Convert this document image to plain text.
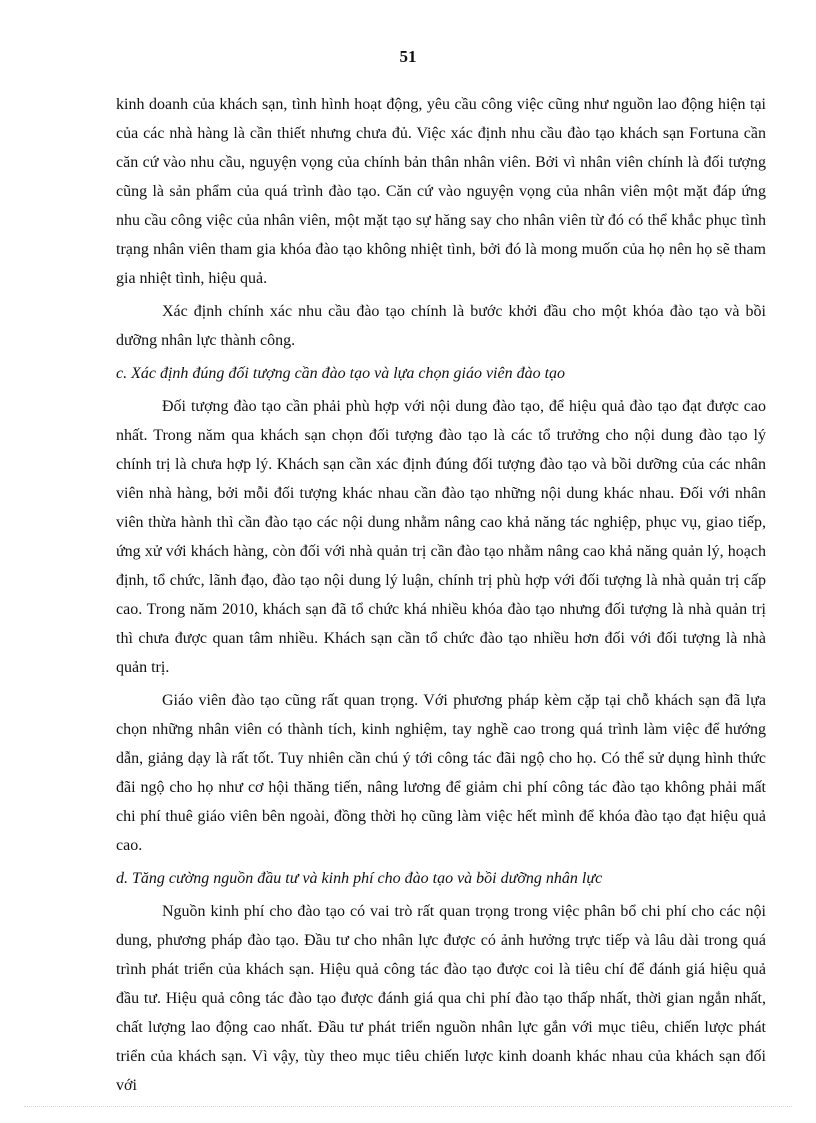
51

kinh doanh của khách sạn, tình hình hoạt động, yêu cầu công việc cũng như nguồn lao động hiện tại của các nhà hàng là cần thiết nhưng chưa đủ. Việc xác định nhu cầu đào tạo khách sạn Fortuna cần căn cứ vào nhu cầu, nguyện vọng của chính bản thân nhân viên. Bởi vì nhân viên chính là đối tượng cũng là sản phẩm của quá trình đào tạo. Căn cứ vào nguyện vọng của nhân viên một mặt đáp ứng nhu cầu công việc của nhân viên, một mặt tạo sự hăng say cho nhân viên từ đó có thể khắc phục tình trạng nhân viên tham gia khóa đào tạo không nhiệt tình, bởi đó là mong muốn của họ nên họ sẽ tham gia nhiệt tình, hiệu quả.

Xác định chính xác nhu cầu đào tạo chính là bước khởi đầu cho một khóa đào tạo và bồi dưỡng nhân lực thành công.

c. Xác định đúng đối tượng cần đào tạo và lựa chọn giáo viên đào tạo

Đối tượng đào tạo cần phải phù hợp với nội dung đào tạo, để hiệu quả đào tạo đạt được cao nhất. Trong năm qua khách sạn chọn đối tượng đào tạo là các tổ trưởng cho nội dung đào tạo lý chính trị là chưa hợp lý. Khách sạn cần xác định đúng đối tượng đào tạo và bồi dưỡng của các nhân viên nhà hàng, bởi mỗi đối tượng khác nhau cần đào tạo những nội dung khác nhau. Đối với nhân viên thừa hành thì cần đào tạo các nội dung nhằm nâng cao khả năng tác nghiệp, phục vụ, giao tiếp, ứng xử với khách hàng, còn đối với nhà quản trị cần đào tạo nhằm nâng cao khả năng quản lý, hoạch định, tổ chức, lãnh đạo, đào tạo nội dung lý luận, chính trị phù hợp với đối tượng là nhà quản trị cấp cao. Trong năm 2010, khách sạn đã tổ chức khá nhiều khóa đào tạo nhưng đối tượng là nhà quản trị thì chưa được quan tâm nhiều. Khách sạn cần tổ chức đào tạo nhiều hơn đối với đối tượng là nhà quản trị.

Giáo viên đào tạo cũng rất quan trọng. Với phương pháp kèm cặp tại chỗ khách sạn đã lựa chọn những nhân viên có thành tích, kinh nghiệm, tay nghề cao trong quá trình làm việc để hướng dẫn, giảng dạy là rất tốt. Tuy nhiên cần chú ý tới công tác đãi ngộ cho họ. Có thể sử dụng hình thức đãi ngộ cho họ như cơ hội thăng tiến, nâng lương để giảm chi phí công tác đào tạo không phải mất chi phí thuê giáo viên bên ngoài, đồng thời họ cũng làm việc hết mình để khóa đào tạo đạt hiệu quả cao.

d. Tăng cường nguồn đầu tư và kinh phí cho đào tạo và bồi dưỡng nhân lực

Nguồn kinh phí cho đào tạo có vai trò rất quan trọng trong việc phân bổ chi phí cho các nội dung, phương pháp đào tạo. Đầu tư cho nhân lực được có ảnh hưởng trực tiếp và lâu dài trong quá trình phát triển của khách sạn. Hiệu quả công tác đào tạo được coi là tiêu chí để đánh giá hiệu quả đầu tư. Hiệu quả công tác đào tạo được đánh giá qua chi phí đào tạo thấp nhất, thời gian ngắn nhất, chất lượng lao động cao nhất. Đầu tư phát triển nguồn nhân lực gắn với mục tiêu, chiến lược phát triển của khách sạn. Vì vậy, tùy theo mục tiêu chiến lược kinh doanh khác nhau của khách sạn đối với
